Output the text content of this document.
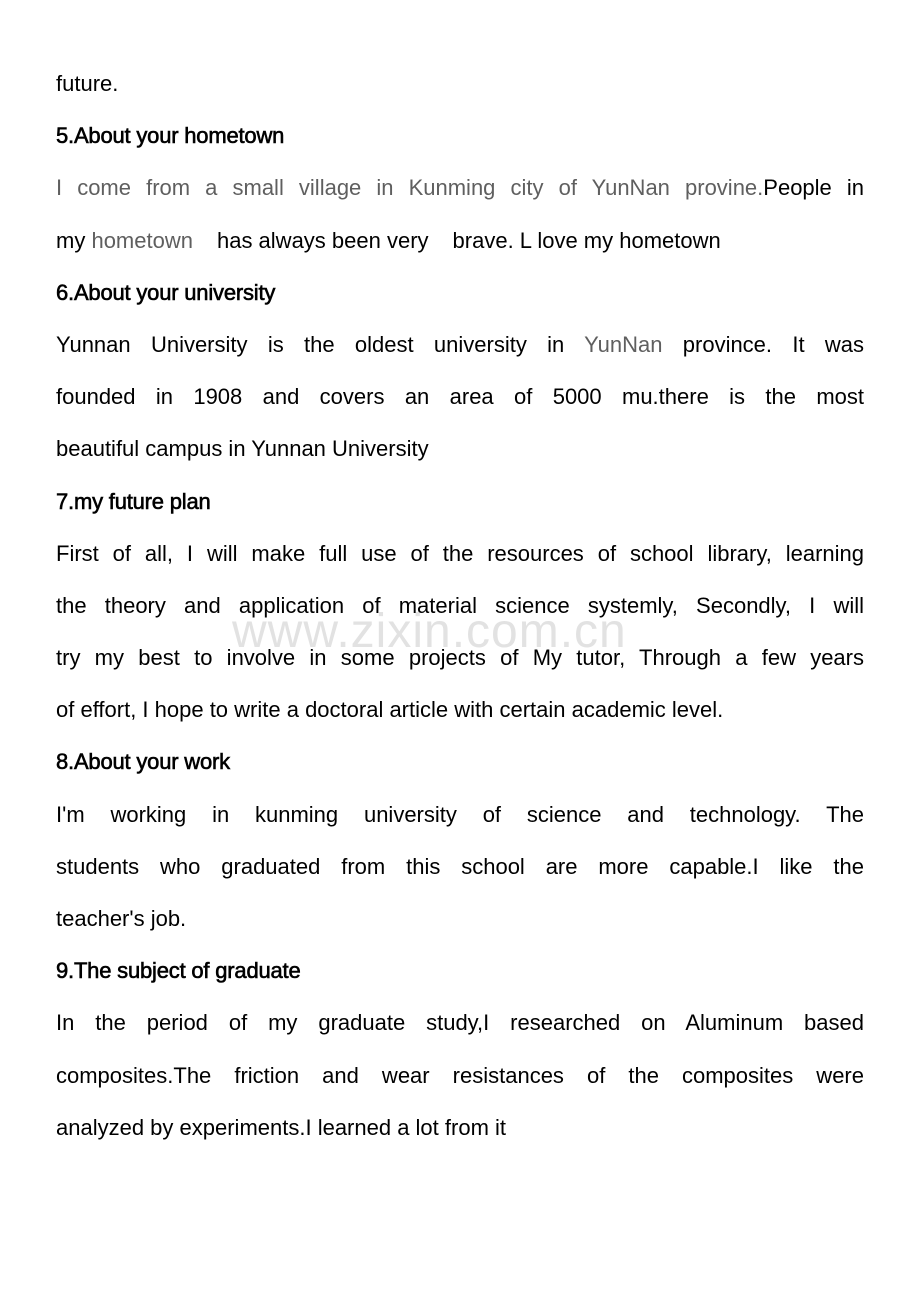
future.
5.About your hometown
I come from a small village in Kunming city of YunNan provine.People in
my hometown has always been very brave. L love my hometown
6.About your university
Yunnan University is the oldest university in YunNan province. It was
founded in 1908 and covers an area of 5000 mu.there is the most
beautiful campus in Yunnan University
7.my future plan
First of all, I will make full use of the resources of school library, learning
the theory and application of material science systemly, Secondly, I will
try my best to involve in some projects of My tutor, Through a few years
of effort, I hope to write a doctoral article with certain academic level.
8.About your work
I'm working in kunming university of science and technology. The
students who graduated from this school are more capable.I like the
teacher's job.
9.The subject of graduate
In the period of my graduate study,I researched on Aluminum based
composites.The friction and wear resistances of the composites were
analyzed by experiments.I learned a lot from it
www.zixin.com.cn
